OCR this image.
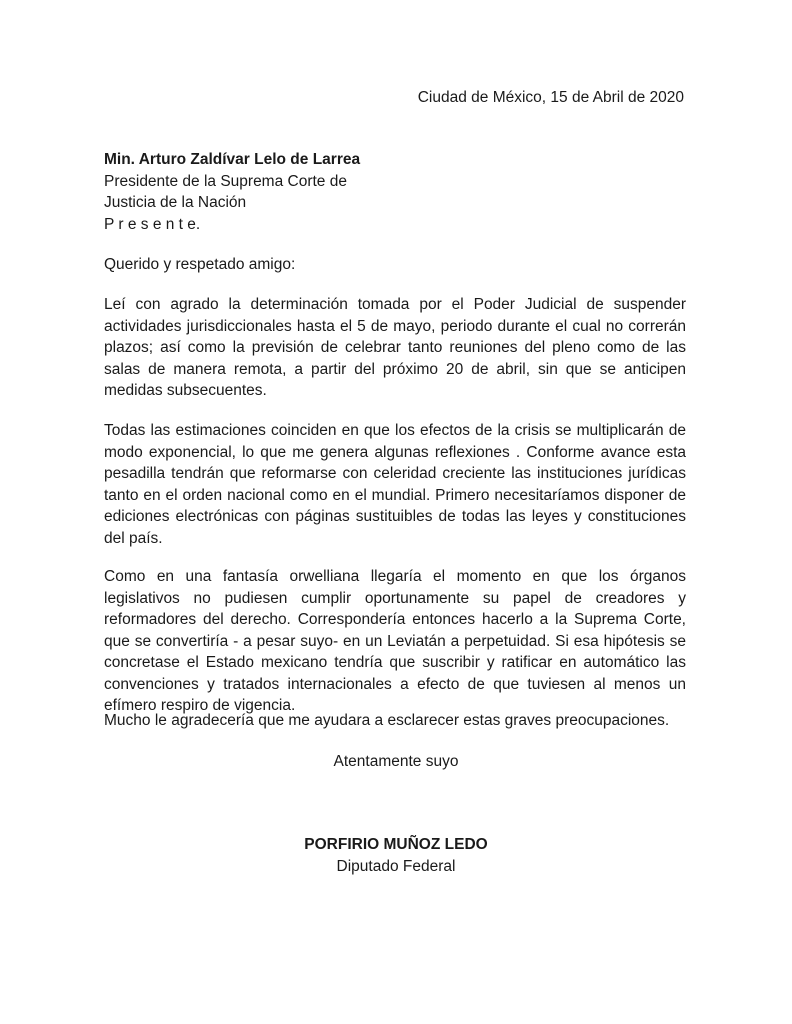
Ciudad de México, 15 de Abril de 2020
Min. Arturo Zaldívar Lelo de Larrea
Presidente de la Suprema Corte de
Justicia de la Nación
P r e s e n t e.
Querido y respetado amigo:

Leí con agrado la determinación tomada por el Poder Judicial de suspender actividades jurisdiccionales hasta el 5 de mayo, periodo durante el cual no correrán plazos; así como la previsión de celebrar tanto reuniones del pleno como de las salas de manera remota, a partir del próximo 20 de abril, sin que se anticipen medidas subsecuentes.

Todas las estimaciones coinciden en que los efectos de la crisis se multiplicarán de modo exponencial, lo que me genera algunas reflexiones . Conforme avance esta pesadilla tendrán que reformarse con celeridad creciente las instituciones jurídicas tanto en el orden nacional como en el mundial. Primero necesitaríamos disponer de ediciones electrónicas con páginas sustituibles de todas las leyes y constituciones del país.

Como en una fantasía orwelliana llegaría el momento en que los órganos legislativos no pudiesen cumplir oportunamente su papel de creadores y reformadores del derecho. Correspondería entonces hacerlo a la Suprema Corte, que se convertiría - a pesar suyo- en un Leviatán a perpetuidad. Si esa hipótesis se concretase el Estado mexicano tendría que suscribir y ratificar en automático las convenciones y tratados internacionales a efecto de que tuviesen al menos un efímero respiro de vigencia.

Mucho le agradecería que me ayudara a esclarecer estas graves preocupaciones.
Atentamente suyo
PORFIRIO MUÑOZ LEDO
Diputado Federal
